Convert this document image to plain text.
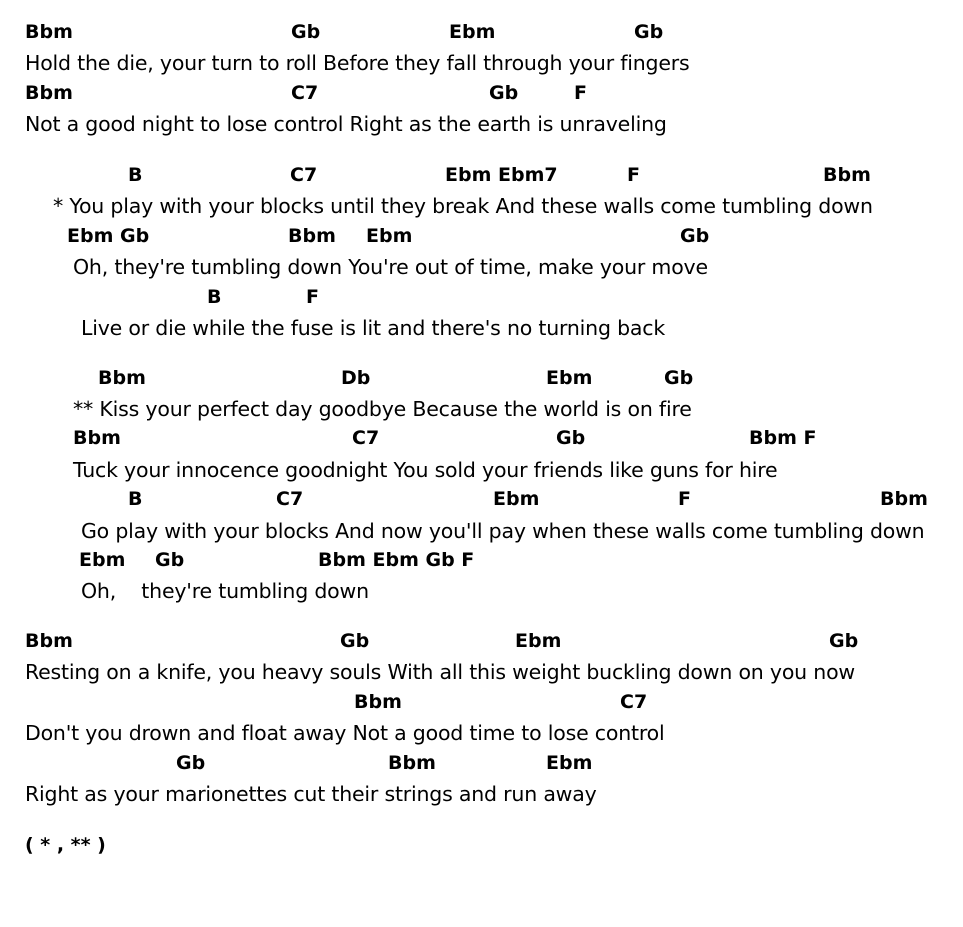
Bbm	Gb	Ebm	Gb
Hold the die, your turn to roll Before they fall through your fingers
Bbm	C7	Gb	F
Not a good night to lose control Right as the earth is unraveling
B	C7	Ebm Ebm7	F	Bbm
* You play with your blocks until they break And these walls come tumbling down
Ebm Gb	Bbm Ebm	Gb
Oh, they're tumbling down You're out of time, make your move
B	F
Live or die while the fuse is lit and there's no turning back
Bbm	Db	Ebm	Gb
** Kiss your perfect day goodbye Because the world is on fire
Bbm	C7	Gb	Bbm F
Tuck your innocence goodnight You sold your friends like guns for hire
B	C7	Ebm	F	Bbm
Go play with your blocks And now you'll pay when these walls come tumbling down
Ebm Gb	Bbm Ebm Gb F
Oh,    they're tumbling down
Bbm	Gb	Ebm	Gb
Resting on a knife, you heavy souls With all this weight buckling down on you now
Bbm	C7
Don't you drown and float away Not a good time to lose control
Gb	Bbm	Ebm
Right as your marionettes cut their strings and run away
( * , ** )
